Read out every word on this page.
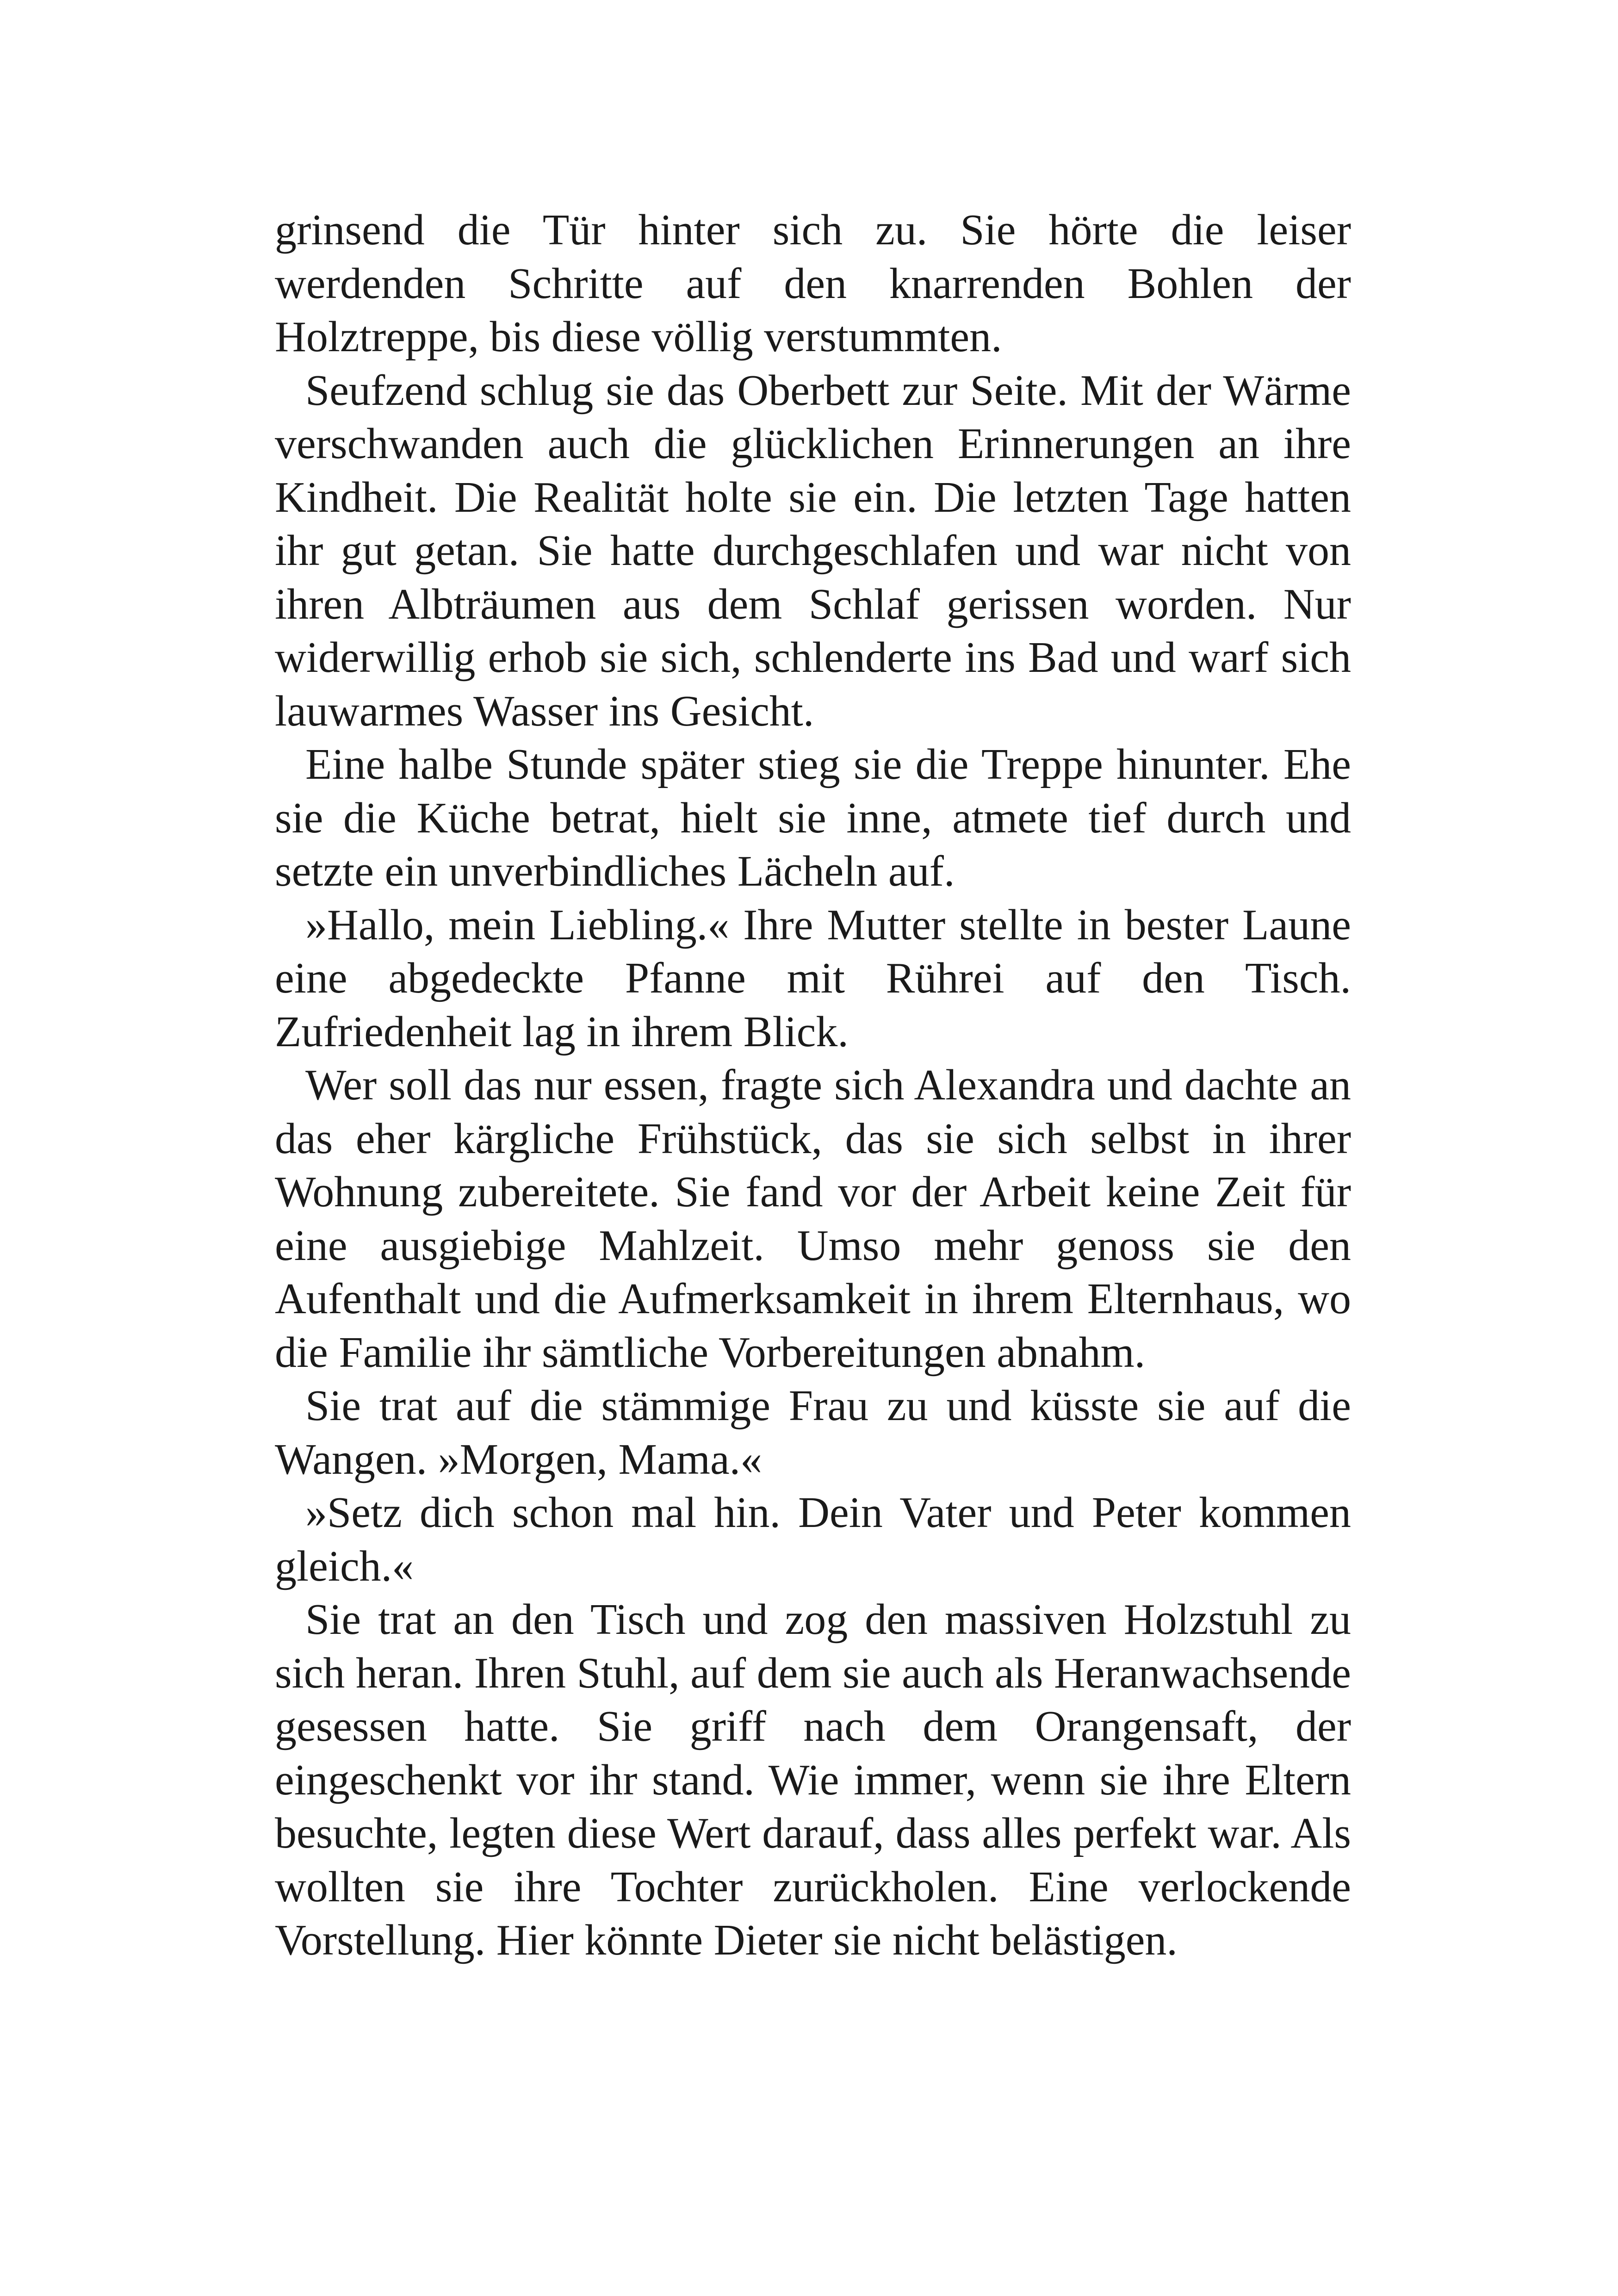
grinsend die Tür hinter sich zu. Sie hörte die leiser werdenden Schritte auf den knarrenden Bohlen der Holztreppe, bis diese völlig verstummten.

Seufzend schlug sie das Oberbett zur Seite. Mit der Wärme verschwanden auch die glücklichen Erinnerungen an ihre Kindheit. Die Realität holte sie ein. Die letzten Tage hatten ihr gut getan. Sie hatte durchgeschlafen und war nicht von ihren Albträumen aus dem Schlaf gerissen worden. Nur widerwillig erhob sie sich, schlenderte ins Bad und warf sich lauwarmes Wasser ins Gesicht.

Eine halbe Stunde später stieg sie die Treppe hinunter. Ehe sie die Küche betrat, hielt sie inne, atmete tief durch und setzte ein unverbindliches Lächeln auf.

»Hallo, mein Liebling.« Ihre Mutter stellte in bester Laune eine abgedeckte Pfanne mit Rührei auf den Tisch. Zufriedenheit lag in ihrem Blick.

Wer soll das nur essen, fragte sich Alexandra und dachte an das eher kärgliche Frühstück, das sie sich selbst in ihrer Wohnung zubereitete. Sie fand vor der Arbeit keine Zeit für eine ausgiebige Mahlzeit. Umso mehr genoss sie den Aufenthalt und die Aufmerksamkeit in ihrem Elternhaus, wo die Familie ihr sämtliche Vorbereitungen abnahm.

Sie trat auf die stämmige Frau zu und küsste sie auf die Wangen. »Morgen, Mama.«

»Setz dich schon mal hin. Dein Vater und Peter kommen gleich.«

Sie trat an den Tisch und zog den massiven Holzstuhl zu sich heran. Ihren Stuhl, auf dem sie auch als Heranwachsende gesessen hatte. Sie griff nach dem Orangensaft, der eingeschenkt vor ihr stand. Wie immer, wenn sie ihre Eltern besuchte, legten diese Wert darauf, dass alles perfekt war. Als wollten sie ihre Tochter zurückholen. Eine verlockende Vorstellung. Hier könnte Dieter sie nicht belästigen.
